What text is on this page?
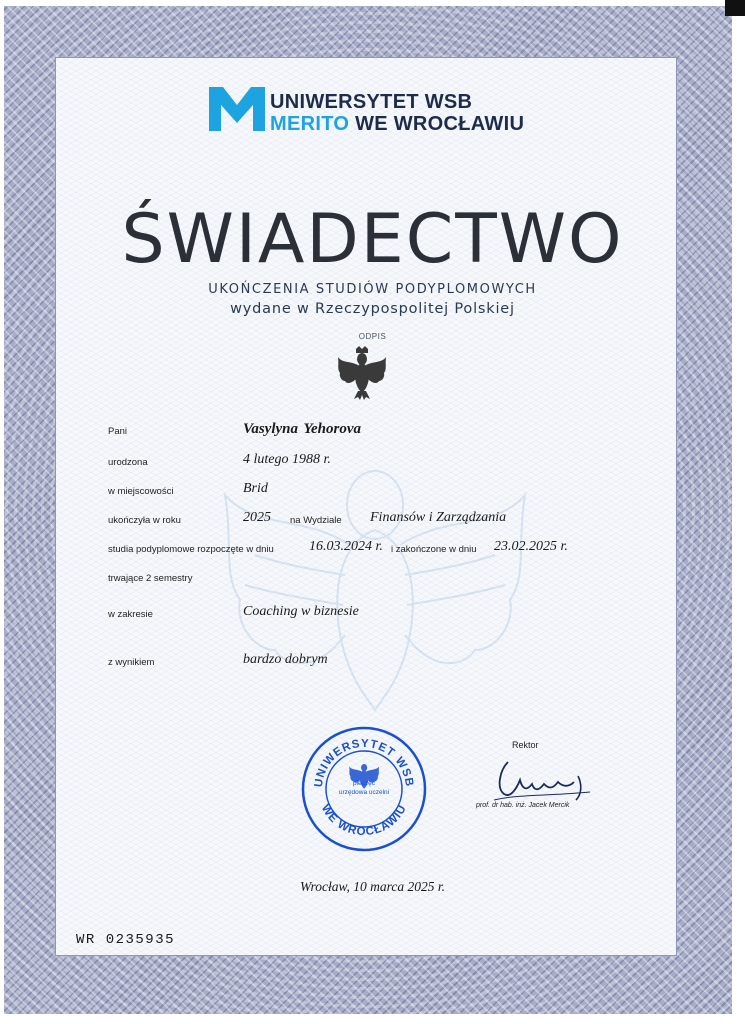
UNIWERSYTET WSB
MERITO WE WROCŁAWIU
ŚWIADECTWO
UKOŃCZENIA STUDIÓW PODYPLOMOWYCH
wydane w Rzeczypospolitej Polskiej
ODPIS
Pani	Vasylyna Yehorova
urodzona	4 lutego 1988 r.
w miejscowości	Brid
ukończyła w roku	2025 na Wydziale Finansów i Zarządzania
studia podyplomowe rozpoczęte w dniu	16.03.2024 r. i zakończone w dniu 23.02.2025 r.
trwające 2 semestry
w zakresie	Coaching w biznesie
z wynikiem	bardzo dobrym
UNIWERSYTET WSB
WE WROCŁAWIU
pieczęć
urzędowa uczelni
Rektor
prof. dr hab. inż. Jacek Mercik
Wrocław, 10 marca 2025 r.
WR 0235935
